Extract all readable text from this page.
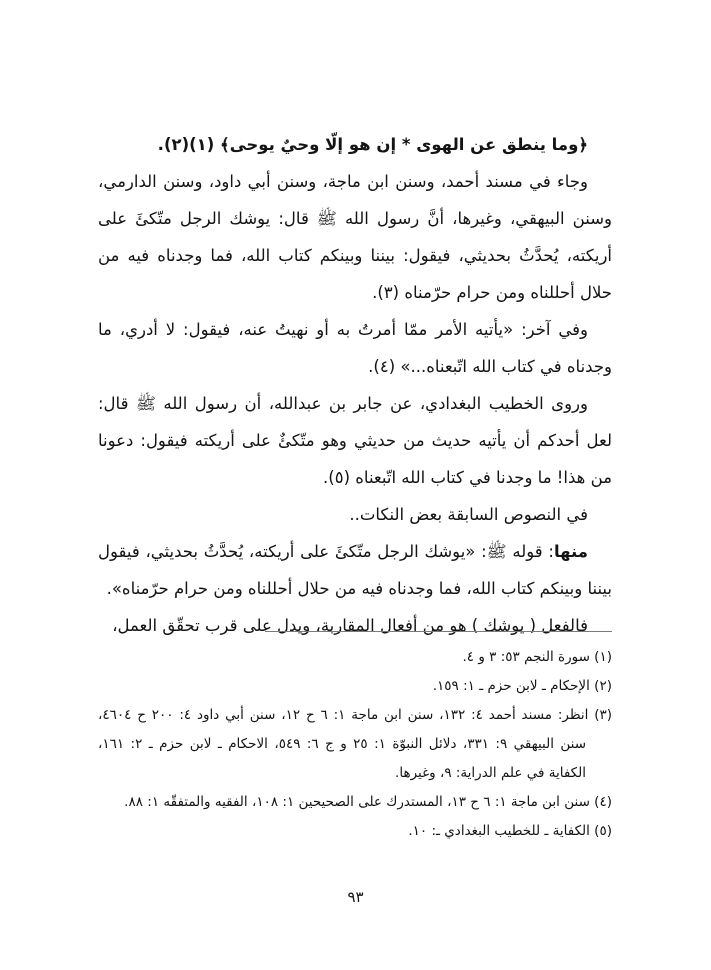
﴿وما ينطق عن الهوى * إن هو إلّا وحيٌ يوحى﴾ (١)(٢).

وجاء في مسند أحمد، وسنن ابن ماجة، وسنن أبي داود، وسنن الدارمي، وسنن البيهقي، وغيرها، أنَّ رسول الله ﷺ قال: يوشك الرجل متّكئَ على أريكته، يُحدَّثُ بحديثي، فيقول: بيننا وبينكم كتاب الله، فما وجدناه فيه من حلال أحللناه ومن حرام حرّمناه (٣).

وفي آخر: «يأتيه الأمر ممّا أمرتُ به أو نهيتُ عنه، فيقول: لا أدري، ما وجدناه في كتاب الله اتّبعناه...» (٤).

وروى الخطيب البغدادي، عن جابر بن عبدالله، أن رسول الله ﷺ قال: لعل أحدكم أن يأتيه حديث من حديثي وهو متّكئٌ على أريكته فيقول: دعونا من هذا! ما وجدنا في كتاب الله اتّبعناه (٥).

في النصوص السابقة بعض النكات..

منها: قوله ﷺ: «يوشك الرجل متّكئَ على أريكته، يُحدَّثُ بحديثي، فيقول بيننا وبينكم كتاب الله، فما وجدناه فيه من حلال أحللناه ومن حرام حرّمناه».

فالفعل ( يوشك ) هو من أفعال المقاربة، ويدل على قرب تحقّق العمل،

(١) سورة النجم ٥٣: ٣ و ٤.

(٢) الإحكام ـ لابن حزم ـ ١: ١٥٩.

(٣) انظر: مسند أحمد ٤: ١٣٢، سنن ابن ماجة ١: ٦ ح ١٢، سنن أبي داود ٤: ٢٠٠ ح ٤٦٠٤، سنن البيهقي ٩: ٣٣١، دلائل النبوّة ١: ٢٥ و ج ٦: ٥٤٩، الاحكام ـ لابن حزم ـ ٢: ١٦١، الكفاية في علم الدراية: ٩، وغيرها.

(٤) سنن ابن ماجة ١: ٦ ح ١٣، المستدرك على الصحيحين ١: ١٠٨، الفقيه والمتفقّه ١: ٨٨.

(٥) الكفاية ـ للخطيب البغدادي ـ: ١٠.

٩٣
